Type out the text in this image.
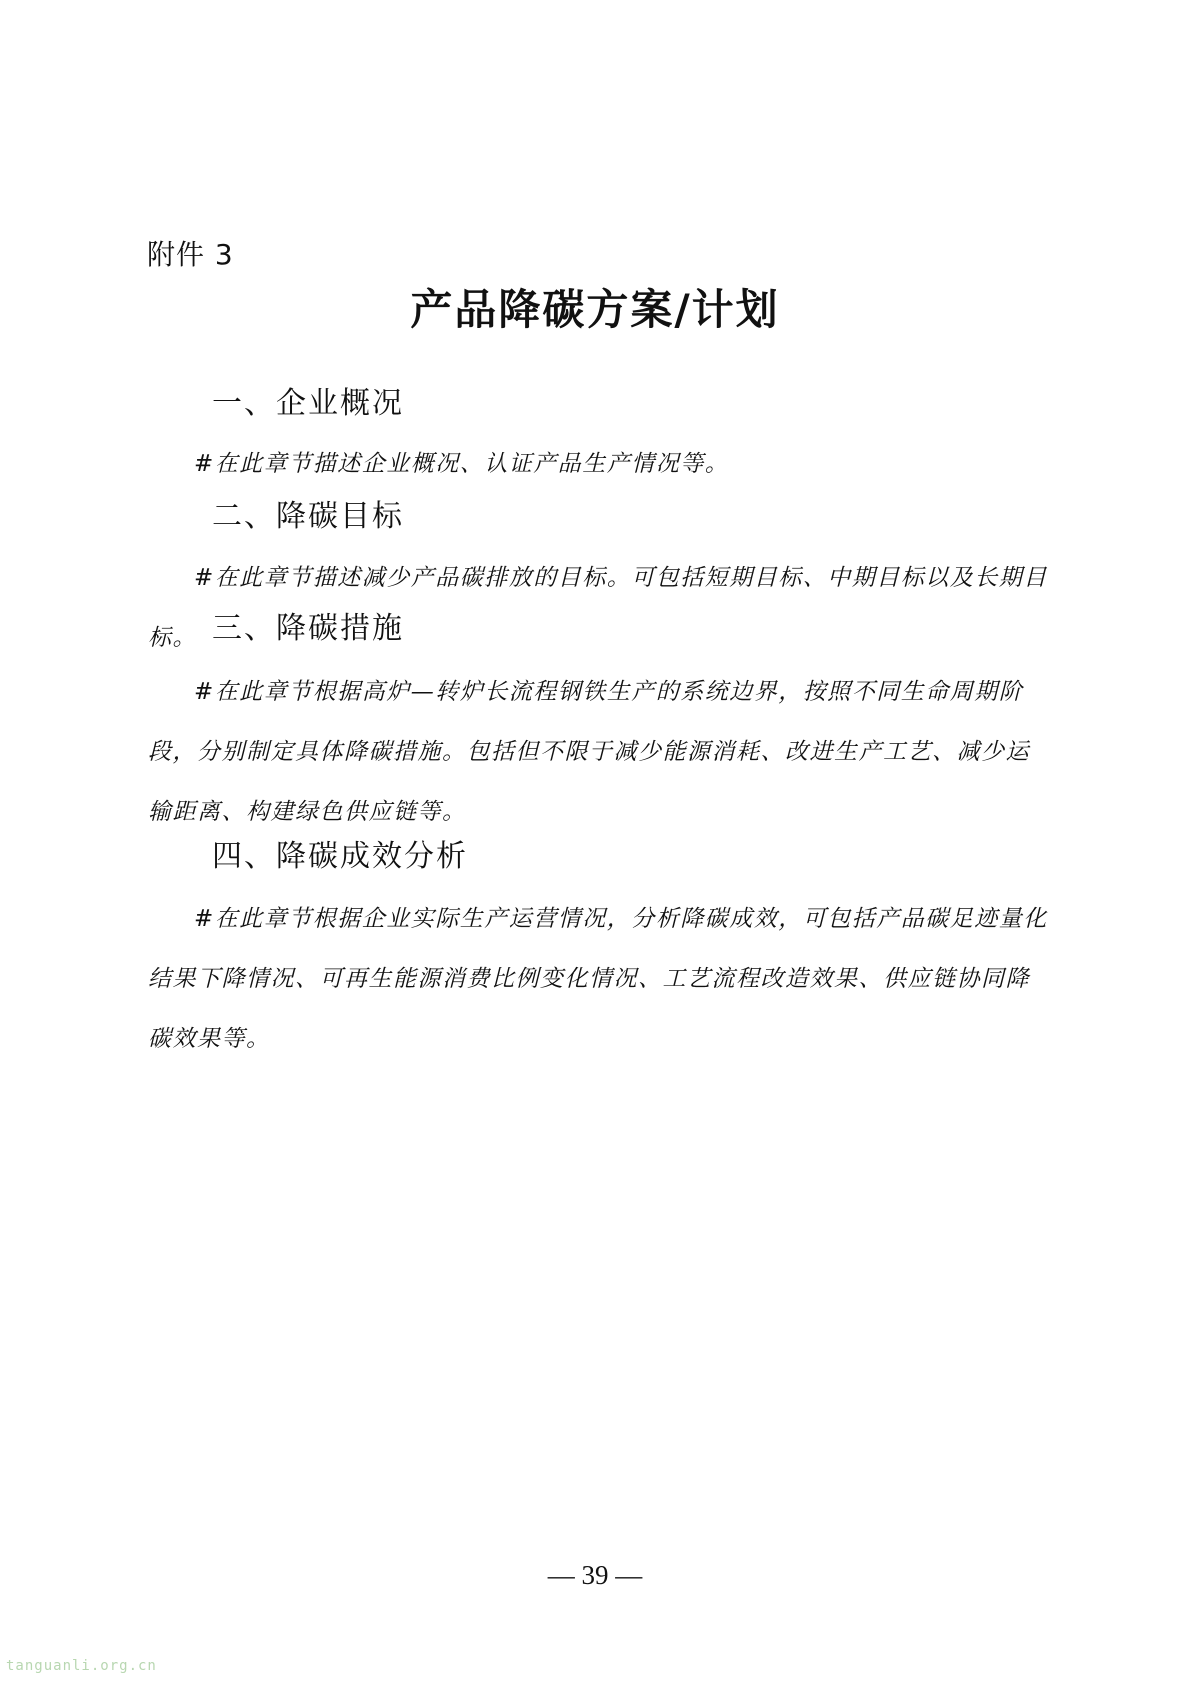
附件 3
产品降碳方案/计划
一、企业概况
#在此章节描述企业概况、认证产品生产情况等。
二、降碳目标
#在此章节描述减少产品碳排放的目标。可包括短期目标、中期目标以及长期目标。 三、降碳措施
#在此章节根据高炉—转炉长流程钢铁生产的系统边界，按照不同生命周期阶段，分别制定具体降碳措施。包括但不限于减少能源消耗、改进生产工艺、减少运输距离、构建绿色供应链等。
四、降碳成效分析
#在此章节根据企业实际生产运营情况，分析降碳成效，可包括产品碳足迹量化结果下降情况、可再生能源消费比例变化情况、工艺流程改造效果、供应链协同降碳效果等。
— 39 —
tanguanli.org.cn
